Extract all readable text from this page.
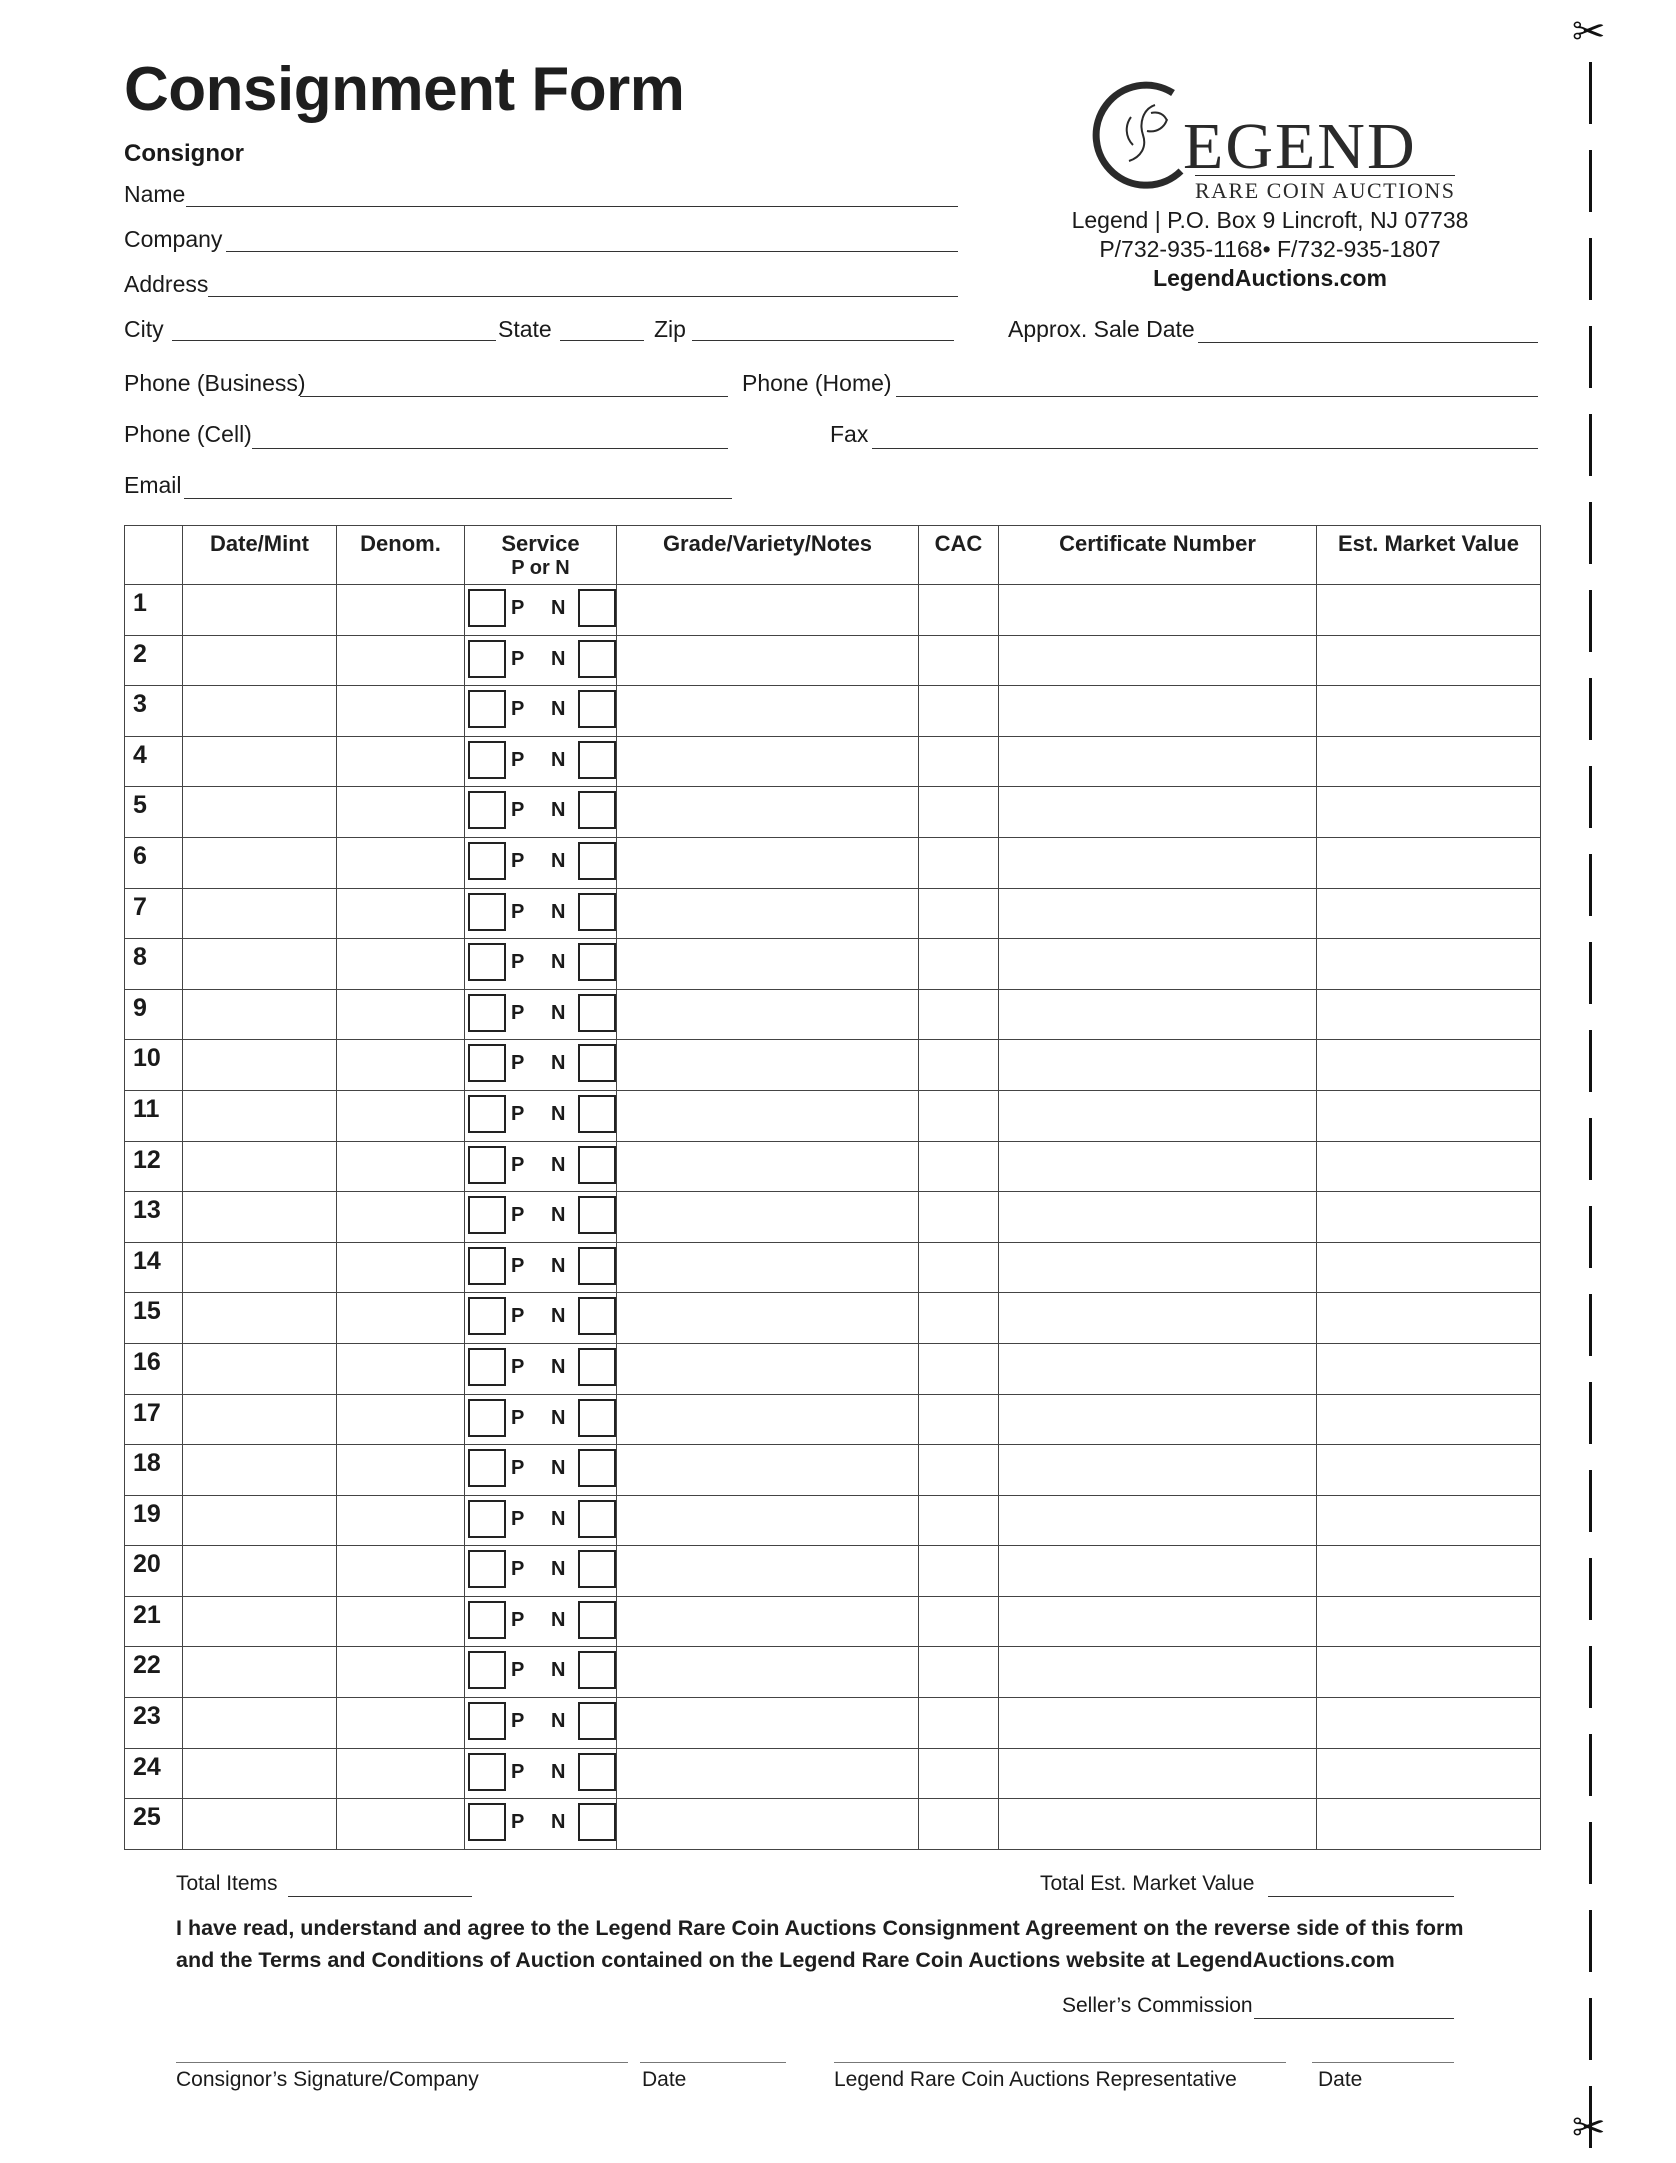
Consignment Form
Consignor
Name
Company
Address
City	State	Zip	Approx. Sale Date
Phone (Business)	Phone (Home)
Phone (Cell)	Fax
Email
EGEND
RARE COIN AUCTIONS
Legend | P.O. Box 9 Lincroft, NJ 07738
P/732-935-1168• F/732-935-1807
LegendAuctions.com
	Date/Mint	Denom.	Service
P or N	Grade/Variety/Notes	CAC	Certificate Number	Est. Market Value
1			P N				

2			P N				

3			P N				

4			P N				

5			P N				

6			P N				

7			P N				

8			P N				

9			P N				

10			P N				

11			P N				

12			P N				

13			P N				

14			P N				

15			P N				

16			P N				

17			P N				

18			P N				

19			P N				

20			P N				

21			P N				

22			P N				

23			P N				

24			P N				

25			P N				

Total Items	Total Est. Market Value
I have read, understand and agree to the Legend Rare Coin Auctions Consignment Agreement on the reverse side of this form and the Terms and Conditions of Auction contained on the Legend Rare Coin Auctions website at LegendAuctions.com
Seller’s Commission
Consignor’s Signature/Company	Date	Legend Rare Coin Auctions Representative	Date
✂
✂
